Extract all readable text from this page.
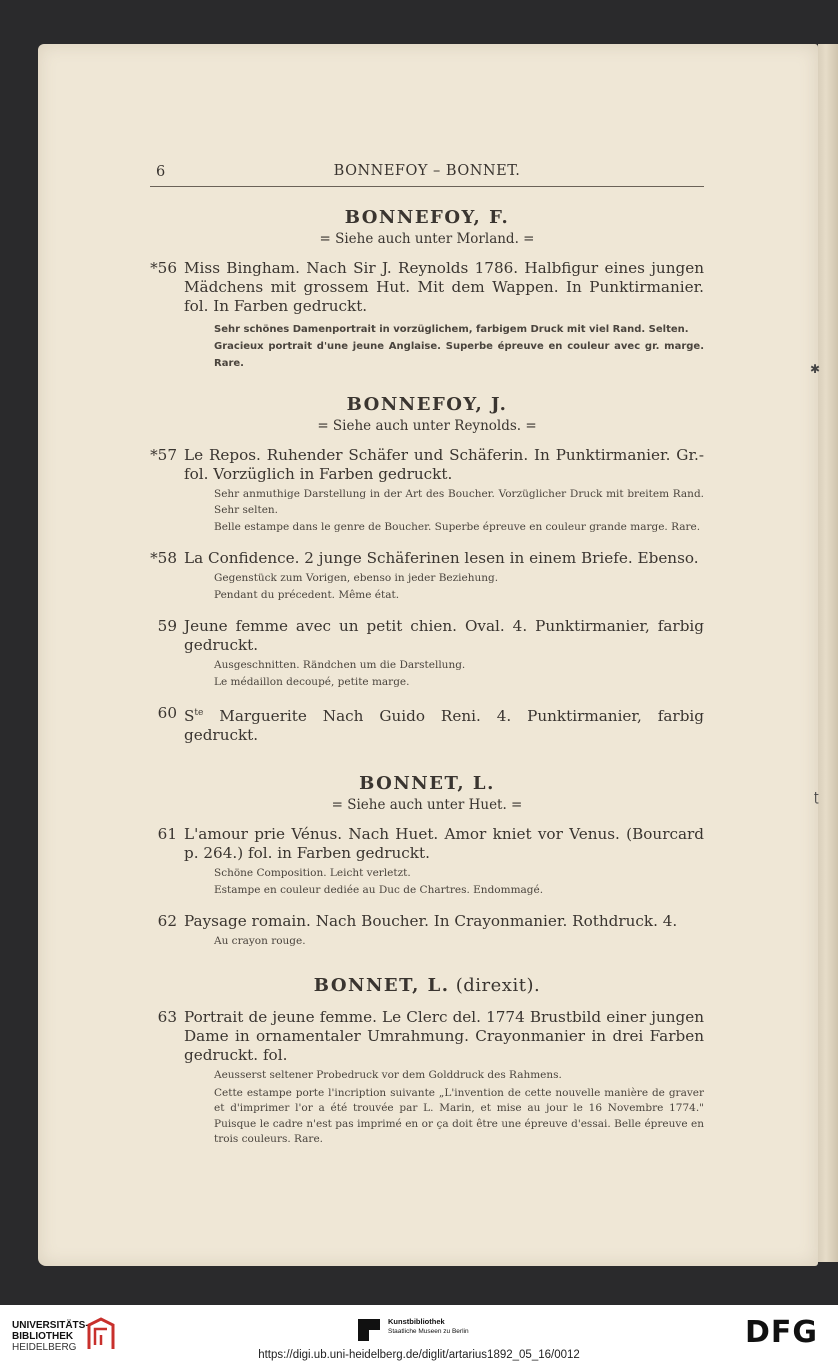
✱
ʈ
6	BONNEFOY – BONNET.
BONNEFOY, F.
= Siehe auch unter Morland. =
*56 Miss Bingham. Nach Sir J. Reynolds 1786. Halbfigur eines jungen Mädchens mit grossem Hut. Mit dem Wappen. In Punktirmanier. fol. In Farben gedruckt.
Sehr schönes Damenportrait in vorzüglichem, farbigem Druck mit viel Rand. Selten.
Gracieux portrait d'une jeune Anglaise. Superbe épreuve en couleur avec gr. marge. Rare.
BONNEFOY, J.
= Siehe auch unter Reynolds. =
*57 Le Repos. Ruhender Schäfer und Schäferin. In Punktirmanier. Gr.-fol. Vorzüglich in Farben gedruckt.
Sehr anmuthige Darstellung in der Art des Boucher. Vorzüglicher Druck mit breitem Rand. Sehr selten.
Belle estampe dans le genre de Boucher. Superbe épreuve en couleur grande marge. Rare.
*58 La Confidence. 2 junge Schäferinen lesen in einem Briefe. Ebenso.
Gegenstück zum Vorigen, ebenso in jeder Beziehung.
Pendant du précedent. Même état.
59 Jeune femme avec un petit chien. Oval. 4. Punktirmanier, farbig gedruckt.
Ausgeschnitten. Rändchen um die Darstellung.
Le médaillon decoupé, petite marge.
60 $S^{te}$ Marguerite Nach Guido Reni. 4. Punktirmanier, farbig gedruckt.
BONNET, L.
= Siehe auch unter Huet. =
61 L'amour prie Vénus. Nach Huet. Amor kniet vor Venus. (Bourcard p. 264.) fol. in Farben gedruckt.
Schöne Composition. Leicht verletzt.
Estampe en couleur dediée au Duc de Chartres. Endommagé.
62 Paysage romain. Nach Boucher. In Crayonmanier. Rothdruck. 4.
Au crayon rouge.
BONNET, L. (direxit).
63 Portrait de jeune femme. Le Clerc del. 1774 Brustbild einer jungen Dame in ornamentaler Umrahmung. Crayonmanier in drei Farben gedruckt. fol.
Aeusserst seltener Probedruck vor dem Golddruck des Rahmens.
Cette estampe porte l'incription suivante „L'invention de cette nouvelle manière de graver et d'imprimer l'or a été trouvée par L. Marin, et mise au jour le 16 Novembre 1774." Puisque le cadre n'est pas imprimé en or ça doit être une épreuve d'essai. Belle épreuve en trois couleurs. Rare.
UNIVERSITÄTS-
BIBLIOTHEK
HEIDELBERG
Kunstbibliothek
Staatliche Museen zu Berlin	DFG
https://digi.ub.uni-heidelberg.de/diglit/artarius1892_05_16/0012
